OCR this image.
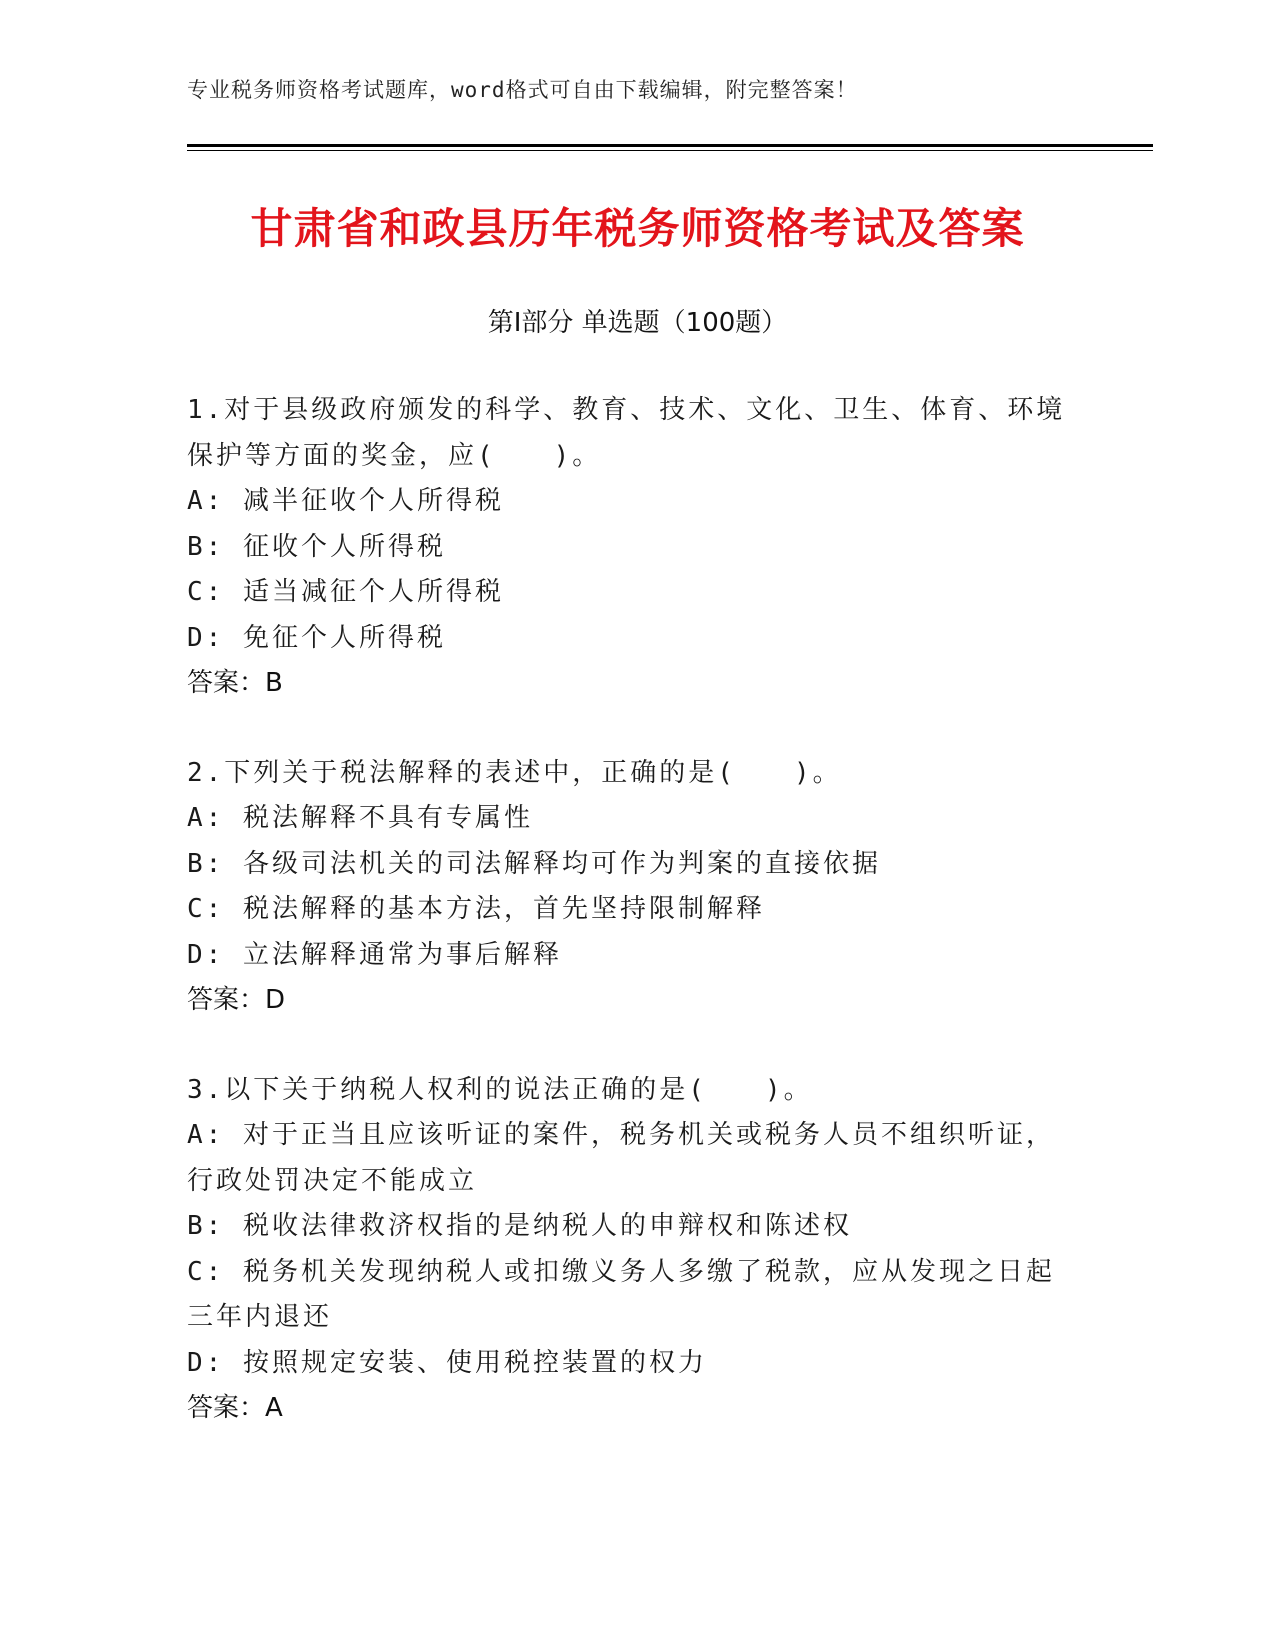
专业税务师资格考试题库，word格式可自由下载编辑，附完整答案！
甘肃省和政县历年税务师资格考试及答案
第Ⅰ部分 单选题（100题）
1.对于县级政府颁发的科学、教育、技术、文化、卫生、体育、环境保护等方面的奖金，应(　　)。
A: 减半征收个人所得税
B: 征收个人所得税
C: 适当减征个人所得税
D: 免征个人所得税
答案：B
2.下列关于税法解释的表述中，正确的是(　　)。
A: 税法解释不具有专属性
B: 各级司法机关的司法解释均可作为判案的直接依据
C: 税法解释的基本方法，首先坚持限制解释
D: 立法解释通常为事后解释
答案：D
3.以下关于纳税人权利的说法正确的是(　　)。
A: 对于正当且应该听证的案件，税务机关或税务人员不组织听证，行政处罚决定不能成立
B: 税收法律救济权指的是纳税人的申辩权和陈述权
C: 税务机关发现纳税人或扣缴义务人多缴了税款，应从发现之日起三年内退还
D: 按照规定安装、使用税控装置的权力
答案：A
